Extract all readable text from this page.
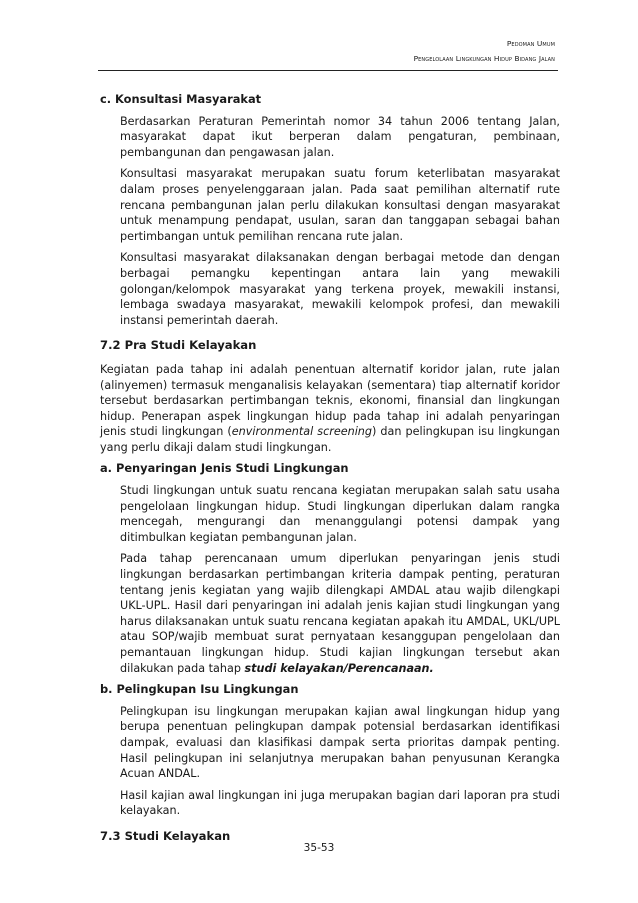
Pedoman Umum
Pengelolaan Lingkungan Hidup Bidang Jalan
c. Konsultasi Masyarakat

Berdasarkan Peraturan Pemerintah nomor 34 tahun 2006 tentang Jalan, masyarakat dapat ikut berperan dalam pengaturan, pembinaan, pembangunan dan pengawasan jalan.

Konsultasi masyarakat merupakan suatu forum keterlibatan masyarakat dalam proses penyelenggaraan jalan. Pada saat pemilihan alternatif rute rencana pembangunan jalan perlu dilakukan konsultasi dengan masyarakat untuk menampung pendapat, usulan, saran dan tanggapan sebagai bahan pertimbangan untuk pemilihan rencana rute jalan.

Konsultasi masyarakat dilaksanakan dengan berbagai metode dan dengan berbagai pemangku kepentingan antara lain yang mewakili golongan/kelompok masyarakat yang terkena proyek, mewakili instansi, lembaga swadaya masyarakat, mewakili kelompok profesi, dan mewakili instansi pemerintah daerah.

7.2 Pra Studi Kelayakan

Kegiatan pada tahap ini adalah penentuan alternatif koridor jalan, rute jalan (alinyemen) termasuk menganalisis kelayakan (sementara) tiap alternatif koridor tersebut berdasarkan pertimbangan teknis, ekonomi, finansial dan lingkungan hidup. Penerapan aspek lingkungan hidup pada tahap ini adalah penyaringan jenis studi lingkungan (environmental screening) dan pelingkupan isu lingkungan yang perlu dikaji dalam studi lingkungan.

a. Penyaringan Jenis Studi Lingkungan

Studi lingkungan untuk suatu rencana kegiatan merupakan salah satu usaha pengelolaan lingkungan hidup. Studi lingkungan diperlukan dalam rangka mencegah, mengurangi dan menanggulangi potensi dampak yang ditimbulkan kegiatan pembangunan jalan.

Pada tahap perencanaan umum diperlukan penyaringan jenis studi lingkungan berdasarkan pertimbangan kriteria dampak penting, peraturan tentang jenis kegiatan yang wajib dilengkapi AMDAL atau wajib dilengkapi UKL-UPL. Hasil dari penyaringan ini adalah jenis kajian studi lingkungan yang harus dilaksanakan untuk suatu rencana kegiatan apakah itu AMDAL, UKL/UPL atau SOP/wajib membuat surat pernyataan kesanggupan pengelolaan dan pemantauan lingkungan hidup. Studi kajian lingkungan tersebut akan dilakukan pada tahap studi kelayakan/Perencanaan.

b. Pelingkupan Isu Lingkungan

Pelingkupan isu lingkungan merupakan kajian awal lingkungan hidup yang berupa penentuan pelingkupan dampak potensial berdasarkan identifikasi dampak, evaluasi dan klasifikasi dampak serta prioritas dampak penting. Hasil pelingkupan ini selanjutnya merupakan bahan penyusunan Kerangka Acuan ANDAL.

Hasil kajian awal lingkungan ini juga merupakan bagian dari laporan pra studi kelayakan.

7.3 Studi Kelayakan
35-53
